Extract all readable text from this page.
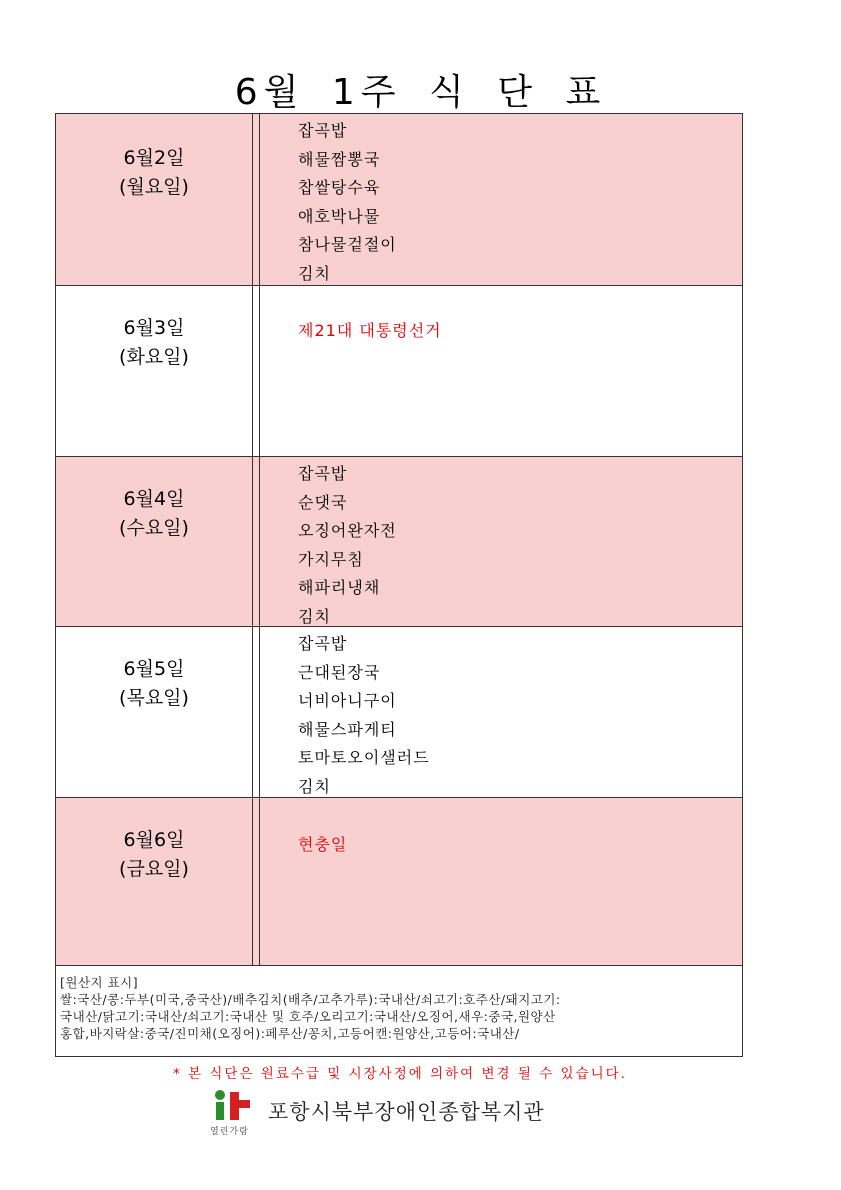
6월 1주 식 단 표
6월2일
(월요일)
잡곡밥
해물짬뽕국
찹쌀탕수육
애호박나물
참나물겉절이
김치
6월3일
(화요일)
제21대 대통령선거
6월4일
(수요일)
잡곡밥
순댓국
오징어완자전
가지무침
해파리냉채
김치
6월5일
(목요일)
잡곡밥
근대된장국
너비아니구이
해물스파게티
토마토오이샐러드
김치
6월6일
(금요일)
현충일
[원산지 표시]
쌀:국산/콩:두부(미국,중국산)/배추김치(배추/고추가루):국내산/쇠고기:호주산/돼지고기:
국내산/닭고기:국내산/쇠고기:국내산 및 호주/오리고기:국내산/오징어,새우:중국,원양산
홍합,바지락살:중국/진미채(오징어):페루산/꽁치,고등어캔:원양산,고등어:국내산/
* 본 식단은 원료수급 및 시장사정에 의하여 변경 될 수 있습니다.
열린가람
포항시북부장애인종합복지관
